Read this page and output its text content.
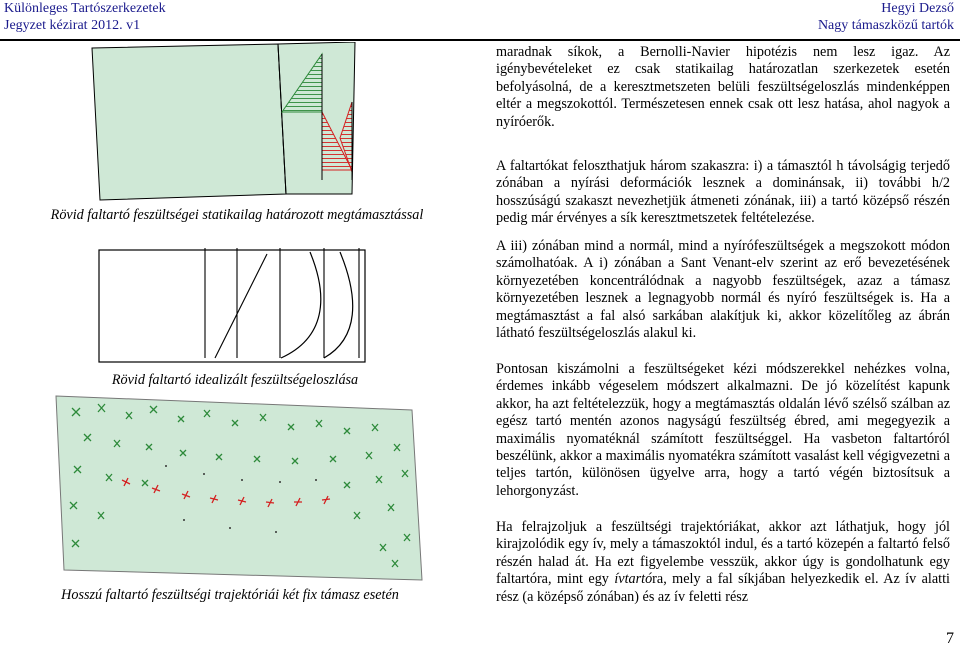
Különleges Tartószerkezetek
Jegyzet kézirat 2012. v1
Hegyi Dezső
Nagy támaszközű tartók
Rövid faltartó feszültségei statikailag határozott megtámasztással
Rövid faltartó idealizált feszültségeloszlása
Hosszú faltartó feszültségi trajektóriái két fix támasz esetén

maradnak síkok, a Bernolli-Navier hipotézis nem lesz igaz. Az igénybevételeket ez csak statikailag határozatlan szerkezetek esetén befolyásolná, de a keresztmetszeten belüli feszültségeloszlás mindenképpen eltér a megszokottól. Természetesen ennek csak ott lesz hatása, ahol nagyok a nyíróerők.

A faltartókat feloszthatjuk három szakaszra: i) a támasztól h távolságig terjedő zónában a nyírási deformációk lesznek a dominánsak, ii) további h/2 hosszúságú szakaszt nevezhetjük átmeneti zónának, iii) a tartó középső részén pedig már érvényes a sík keresztmetszetek feltételezése.

A iii) zónában mind a normál, mind a nyírófeszültségek a megszokott módon számolhatóak. A i) zónában a Sant Venant-elv szerint az erő bevezetésének környezetében koncentrálódnak a nagyobb feszültségek, azaz a támasz környezetében lesznek a legnagyobb normál és nyíró feszültségek is. Ha a megtámasztást a fal alsó sarkában alakítjuk ki, akkor közelítőleg az ábrán látható feszültségeloszlás alakul ki.

Pontosan kiszámolni a feszültségeket kézi módszerekkel nehézkes volna, érdemes inkább végeselem módszert alkalmazni. De jó közelítést kapunk akkor, ha azt feltételezzük, hogy a megtámasztás oldalán lévő szélső szálban az egész tartó mentén azonos nagyságú feszültség ébred, ami megegyezik a maximális nyomatéknál számított feszültséggel. Ha vasbeton faltartóról beszélünk, akkor a maximális nyomatékra számított vasalást kell végigvezetni a teljes tartón, különösen ügyelve arra, hogy a tartó végén biztosítsuk a lehorgonyzást.

Ha felrajzoljuk a feszültségi trajektóriákat, akkor azt láthatjuk, hogy jól kirajzolódik egy ív, mely a támaszoktól indul, és a tartó közepén a faltartó felső részén halad át. Ha ezt figyelembe vesszük, akkor úgy is gondolhatunk egy faltartóra, mint egy ívtartóra, mely a fal síkjában helyezkedik el. Az ív alatti rész (a középső zónában) és az ív feletti rész

7
